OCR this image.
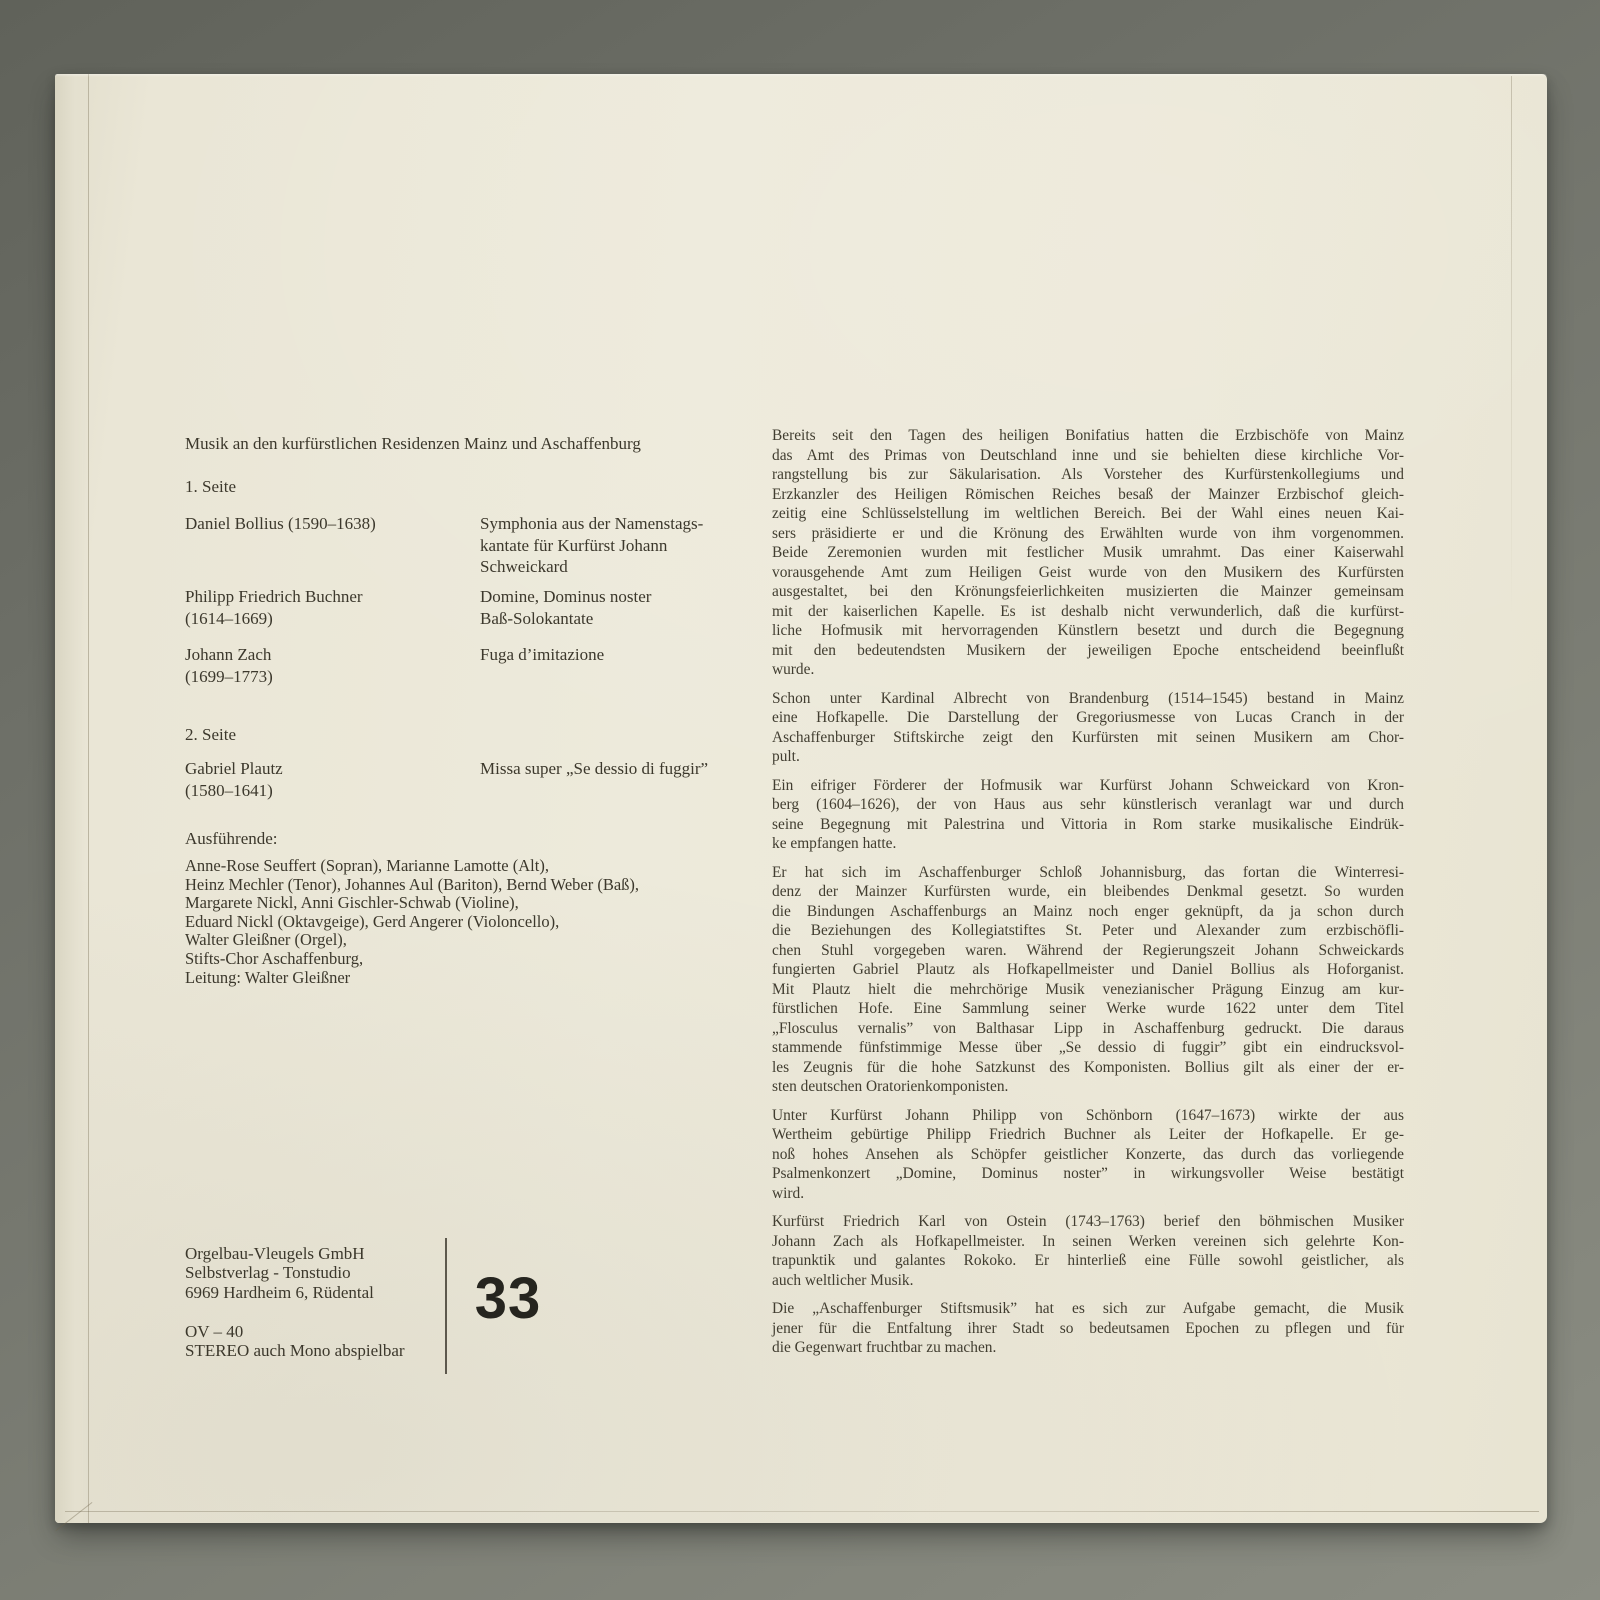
Musik an den kurfürstlichen Residenzen Mainz und Aschaffenburg
1. Seite
Daniel Bollius (1590–1638)	Symphonia aus der Namenstags-
kantate für Kurfürst Johann
Schweickard
Philipp Friedrich Buchner
(1614–1669)
Domine, Dominus noster
Baß-Solokantate
Johann Zach
(1699–1773)
Fuga d’imitazione
2. Seite
Gabriel Plautz
(1580–1641)
Missa super „Se dessio di fuggir”
Ausführende:
Anne-Rose Seuffert (Sopran), Marianne Lamotte (Alt),
Heinz Mechler (Tenor), Johannes Aul (Bariton), Bernd Weber (Baß),
Margarete Nickl, Anni Gischler-Schwab (Violine),
Eduard Nickl (Oktavgeige), Gerd Angerer (Violoncello),
Walter Gleißner (Orgel),
Stifts-Chor Aschaffenburg,
Leitung: Walter Gleißner
Orgelbau-Vleugels GmbH
Selbstverlag - Tonstudio
6969 Hardheim 6, Rüdental
OV – 40
STEREO auch Mono abspielbar
33
Bereits seit den Tagen des heiligen Bonifatius hatten die Erzbischöfe von Mainz
das Amt des Primas von Deutschland inne und sie behielten diese kirchliche Vor-
rangstellung bis zur Säkularisation. Als Vorsteher des Kurfürstenkollegiums und
Erzkanzler des Heiligen Römischen Reiches besaß der Mainzer Erzbischof gleich-
zeitig eine Schlüsselstellung im weltlichen Bereich. Bei der Wahl eines neuen Kai-
sers präsidierte er und die Krönung des Erwählten wurde von ihm vorgenommen.
Beide Zeremonien wurden mit festlicher Musik umrahmt. Das einer Kaiserwahl
vorausgehende Amt zum Heiligen Geist wurde von den Musikern des Kurfürsten
ausgestaltet, bei den Krönungsfeierlichkeiten musizierten die Mainzer gemeinsam
mit der kaiserlichen Kapelle. Es ist deshalb nicht verwunderlich, daß die kurfürst-
liche Hofmusik mit hervorragenden Künstlern besetzt und durch die Begegnung
mit den bedeutendsten Musikern der jeweiligen Epoche entscheidend beeinflußt
wurde.
Schon unter Kardinal Albrecht von Brandenburg (1514–1545) bestand in Mainz
eine Hofkapelle. Die Darstellung der Gregoriusmesse von Lucas Cranch in der
Aschaffenburger Stiftskirche zeigt den Kurfürsten mit seinen Musikern am Chor-
pult.
Ein eifriger Förderer der Hofmusik war Kurfürst Johann Schweickard von Kron-
berg (1604–1626), der von Haus aus sehr künstlerisch veranlagt war und durch
seine Begegnung mit Palestrina und Vittoria in Rom starke musikalische Eindrük-
ke empfangen hatte.
Er hat sich im Aschaffenburger Schloß Johannisburg, das fortan die Winterresi-
denz der Mainzer Kurfürsten wurde, ein bleibendes Denkmal gesetzt. So wurden
die Bindungen Aschaffenburgs an Mainz noch enger geknüpft, da ja schon durch
die Beziehungen des Kollegiatstiftes St. Peter und Alexander zum erzbischöfli-
chen Stuhl vorgegeben waren. Während der Regierungszeit Johann Schweickards
fungierten Gabriel Plautz als Hofkapellmeister und Daniel Bollius als Hoforganist.
Mit Plautz hielt die mehrchörige Musik venezianischer Prägung Einzug am kur-
fürstlichen Hofe. Eine Sammlung seiner Werke wurde 1622 unter dem Titel
„Flosculus vernalis” von Balthasar Lipp in Aschaffenburg gedruckt. Die daraus
stammende fünfstimmige Messe über „Se dessio di fuggir” gibt ein eindrucksvol-
les Zeugnis für die hohe Satzkunst des Komponisten. Bollius gilt als einer der er-
sten deutschen Oratorienkomponisten.
Unter Kurfürst Johann Philipp von Schönborn (1647–1673) wirkte der aus
Wertheim gebürtige Philipp Friedrich Buchner als Leiter der Hofkapelle. Er ge-
noß hohes Ansehen als Schöpfer geistlicher Konzerte, das durch das vorliegende
Psalmenkonzert „Domine, Dominus noster” in wirkungsvoller Weise bestätigt
wird.
Kurfürst Friedrich Karl von Ostein (1743–1763) berief den böhmischen Musiker
Johann Zach als Hofkapellmeister. In seinen Werken vereinen sich gelehrte Kon-
trapunktik und galantes Rokoko. Er hinterließ eine Fülle sowohl geistlicher, als
auch weltlicher Musik.
Die „Aschaffenburger Stiftsmusik” hat es sich zur Aufgabe gemacht, die Musik
jener für die Entfaltung ihrer Stadt so bedeutsamen Epochen zu pflegen und für
die Gegenwart fruchtbar zu machen.
